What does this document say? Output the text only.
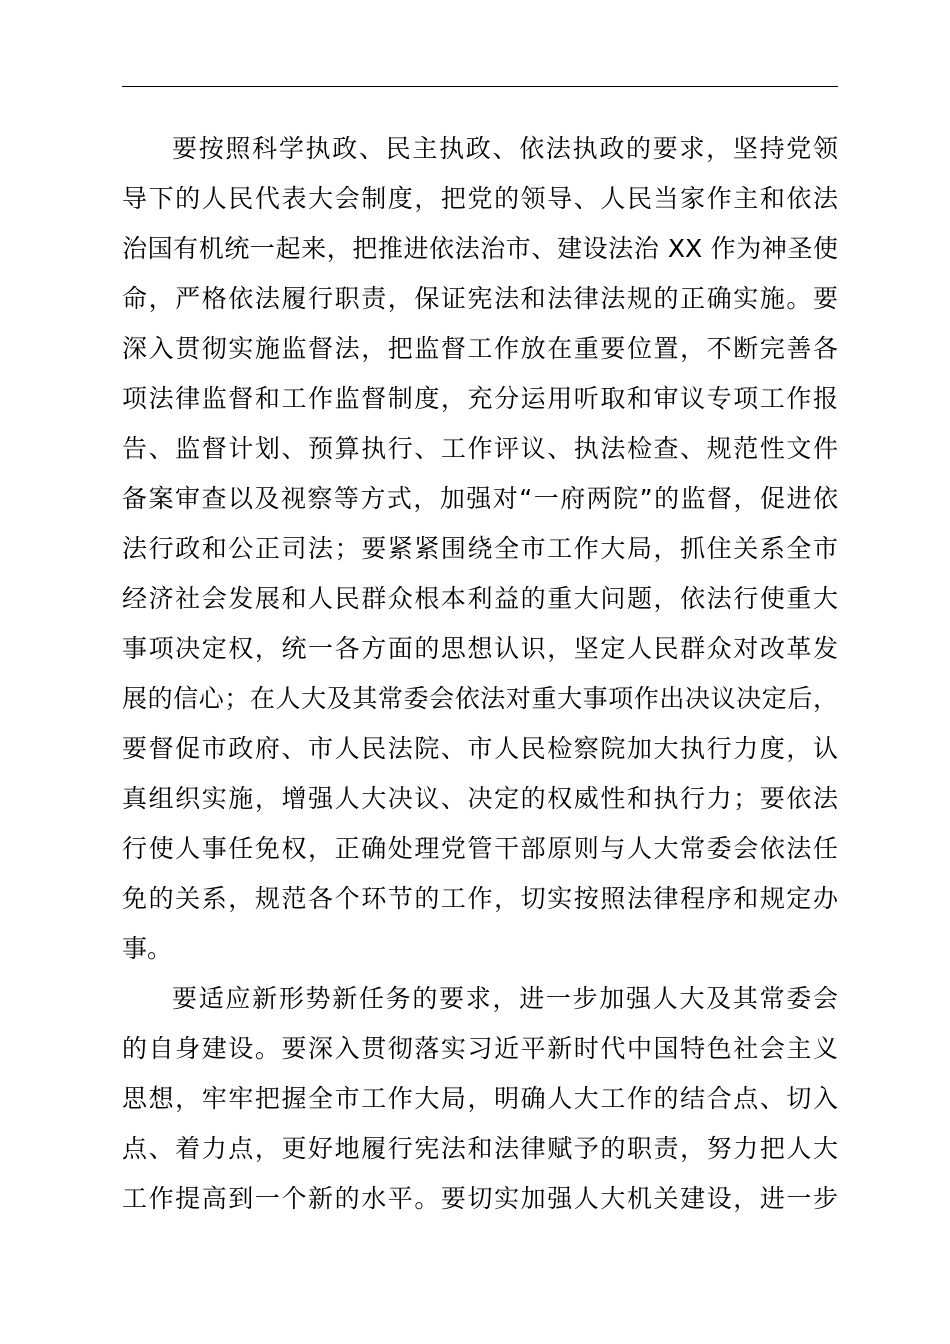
要按照科学执政、民主执政、依法执政的要求，坚持党领
导下的人民代表大会制度，把党的领导、人民当家作主和依法
治国有机统一起来，把推进依法治市、建设法治 XX 作为神圣使
命，严格依法履行职责，保证宪法和法律法规的正确实施。要
深入贯彻实施监督法，把监督工作放在重要位置，不断完善各
项法律监督和工作监督制度，充分运用听取和审议专项工作报
告、监督计划、预算执行、工作评议、执法检查、规范性文件
备案审查以及视察等方式，加强对“一府两院”的监督，促进依
法行政和公正司法；要紧紧围绕全市工作大局，抓住关系全市
经济社会发展和人民群众根本利益的重大问题，依法行使重大
事项决定权，统一各方面的思想认识，坚定人民群众对改革发
展的信心；在人大及其常委会依法对重大事项作出决议决定后，
要督促市政府、市人民法院、市人民检察院加大执行力度，认
真组织实施，增强人大决议、决定的权威性和执行力；要依法
行使人事任免权，正确处理党管干部原则与人大常委会依法任
免的关系，规范各个环节的工作，切实按照法律程序和规定办
事。
要适应新形势新任务的要求，进一步加强人大及其常委会
的自身建设。要深入贯彻落实习近平新时代中国特色社会主义
思想，牢牢把握全市工作大局，明确人大工作的结合点、切入
点、着力点，更好地履行宪法和法律赋予的职责，努力把人大
工作提高到一个新的水平。要切实加强人大机关建设，进一步
